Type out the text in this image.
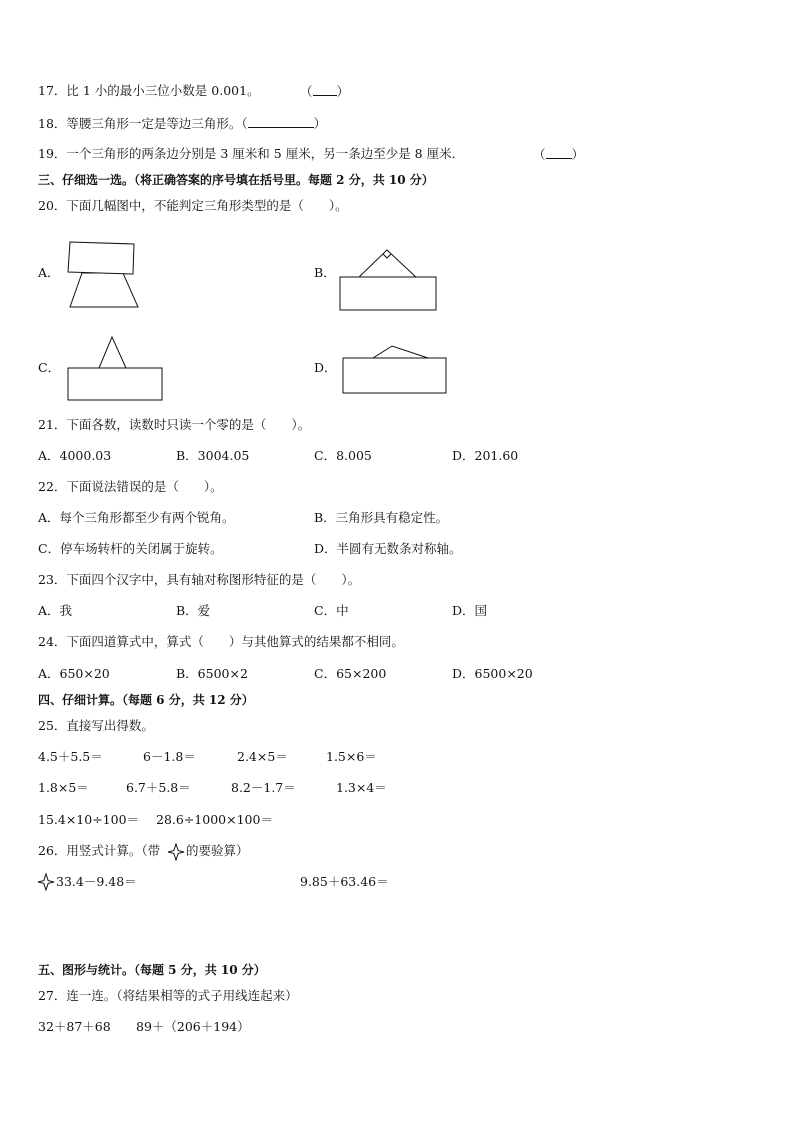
17．比 1 小的最小三位小数是 0.001。	（ ）
18．等腰三角形一定是等边三角形。（	）
19．一个三角形的两条边分别是 3 厘米和 5 厘米，另一条边至少是 8 厘米．	（ ）
三、仔细选一选。（将正确答案的序号填在括号里。每题 2 分，共 10 分）
20．下面几幅图中，不能判定三角形类型的是（　　）。
A．	B．
C．	D．
21．下面各数，读数时只读一个零的是（　　）。
A．4000.03	B．3004.05	C．8.005	D．201.60
22．下面说法错误的是（　　）。
A．每个三角形都至少有两个锐角。	B．三角形具有稳定性。
C．停车场转杆的关闭属于旋转。	D．半圆有无数条对称轴。
23．下面四个汉字中，具有轴对称图形特征的是（　　）。
A．我	B．爱	C．中	D．国
24．下面四道算式中，算式（　　）与其他算式的结果都不相同。
A．650×20	B．6500×2	C．65×200	D．6500×20
四、仔细计算。（每题 6 分，共 12 分）
25．直接写出得数。
4.5＋5.5＝	6－1.8＝	2.4×5＝	1.5×6＝
1.8×5＝	6.7＋5.8＝	8.2－1.7＝	1.3×4＝
15.4×10÷100＝ 28.6÷1000×100＝
26．用竖式计算。（带 的要验算）
33.4－9.48＝	9.85＋63.46＝
五、图形与统计。（每题 5 分，共 10 分）
27．连一连。（将结果相等的式子用线连起来）
32＋87＋68 89＋（206＋194）
